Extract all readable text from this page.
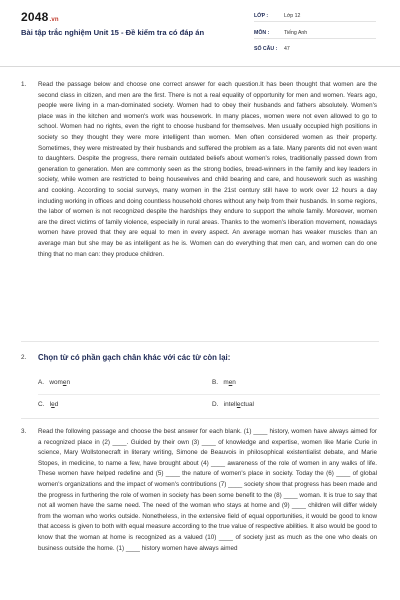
2048.vn
Bài tập trắc nghiệm Unit 15 - Đề kiểm tra có đáp án
LỚP :	Lớp 12
MÔN :	Tiếng Anh
SỐ CÂU : 47
1. Read the passage below and choose one correct answer for each question.It has been thought that women are the second class in citizen, and men are the first. There is not a real equality of opportunity for men and women. Years ago, people were living in a man-dominated society. Women had to obey their husbands and fathers absolutely. Women's place was in the kitchen and women's work was housework. In many places, women were not even allowed to go to school. Women had no rights, even the right to choose husband for themselves. Men usually occupied high positions in society so they thought they were more intelligent than women. Men often considered women as their property. Sometimes, they were mistreated by their husbands and suffered the problem as a fate. Many parents did not even want to daughters. Despite the progress, there remain outdated beliefs about women's roles, traditionally passed down from generation to generation. Men are commonly seen as the strong bodies, bread-winners in the family and key leaders in society, while women are restricted to being housewives and child bearing and care, and housework such as washing and cooking. According to social surveys, many women in the 21st century still have to work over 12 hours a day including working in offices and doing countless household chores without any help from their husbands. In some regions, the labor of women is not recognized despite the hardships they endure to support the whole family. Moreover, women are the direct victims of family violence, especially in rural areas. Thanks to the women's liberation movement, nowadays women have proved that they are equal to men in every aspect. An average woman has weaker muscles than an average man but she may be as intelligent as he is. Women can do everything that men can, and women can do one thing that no man can: they produce children.
2. Chọn từ có phần gạch chân khác với các từ còn lại:
A. women	B. men
C. led	D. intellectual
3. Read the following passage and choose the best answer for each blank. (1) ____ history, women have always aimed for a recognized place in (2) ____. Guided by their own (3) ____ of knowledge and expertise, women like Marie Curie in science, Mary Wollstonecraft in literary writing, Simone de Beauvois in philosophical existentialist debate, and Marie Stopes, in medicine, to name a few, have brought about (4) ____ awareness of the role of women in any walks of life. These women have helped redefine and (5) ____ the nature of women's place in society. Today the (6) ____ of global women's organizations and the impact of women's contributions (7) ____ society show that progress has been made and the progress in furthering the role of women in society has been some benefit to the (8) ____ woman. It is true to say that not all women have the same need. The need of the woman who stays at home and (9) ____ children will differ widely from the woman who works outside. Nonetheless, in the extensive field of equal opportunities, it would be good to know that access is given to both with equal measure according to the true value of respective abilities. It also would be good to know that the woman at home is recognized as a valued (10) ____ of society just as much as the one who deals on business outside the home. (1) ____ history women have always aimed
